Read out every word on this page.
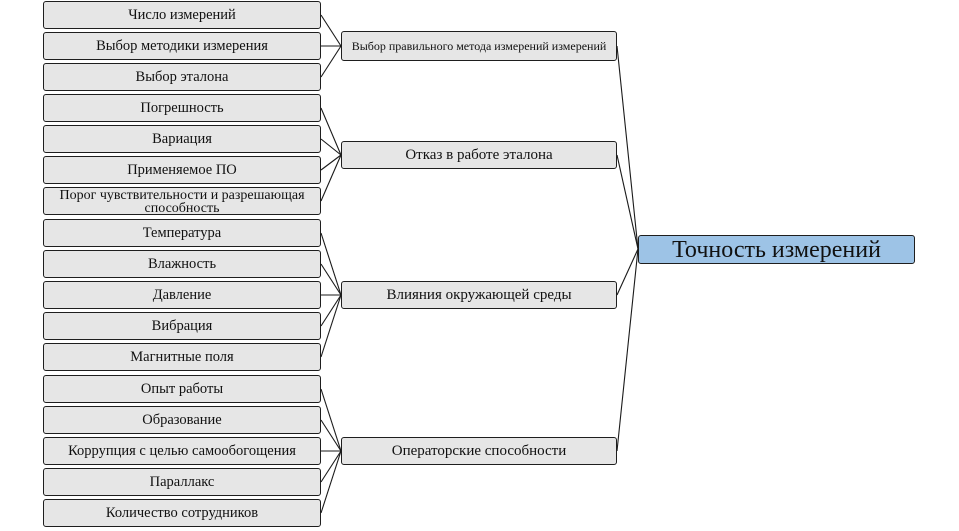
Число измерений
Выбор методики измерения
Выбор эталона
Погрешность
Вариация
Применяемое ПО
Порог чувствительности и разрешающая способность
Температура
Влажность
Давление
Вибрация
Магнитные поля
Опыт работы
Образование
Коррупция с целью самообогощения
Параллакс
Количество сотрудников
Выбор правильного метода измерений измерений
Отказ в работе эталона
Влияния окружающей среды
Операторские способности
Точность измерений
